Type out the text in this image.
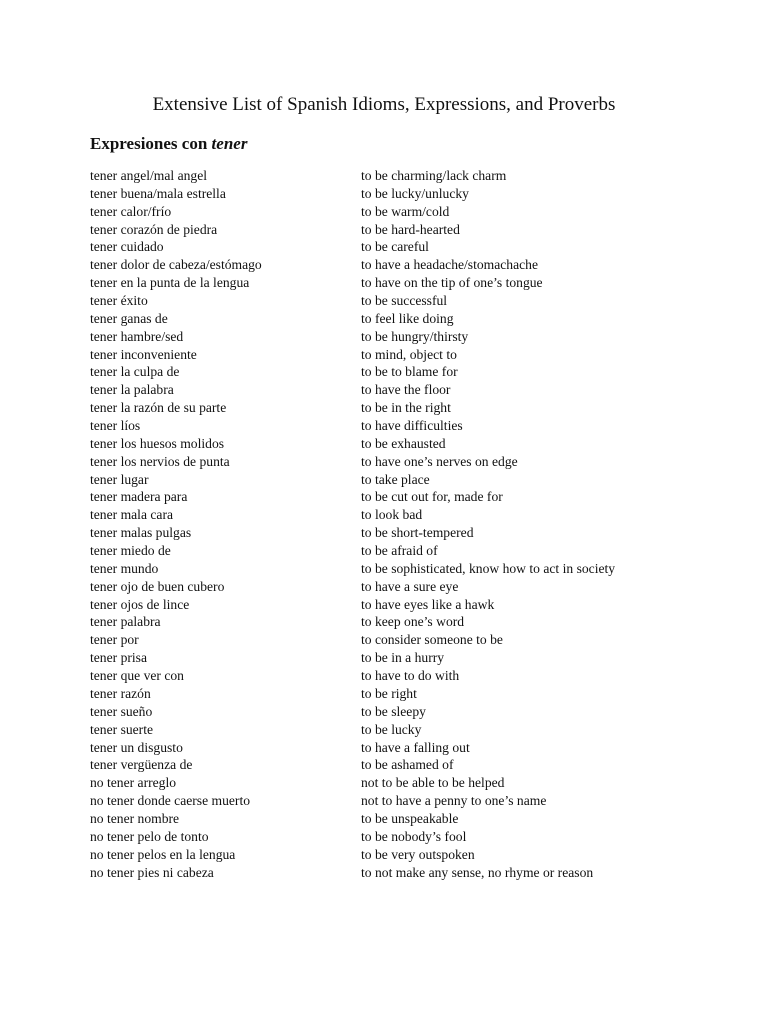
Extensive List of Spanish Idioms, Expressions, and Proverbs
Expresiones con tener
tener angel/mal angel	to be charming/lack charm
tener buena/mala estrella	to be lucky/unlucky
tener calor/frío	to be warm/cold
tener corazón de piedra	to be hard-hearted
tener cuidado	to be careful
tener dolor de cabeza/estómago	to have a headache/stomachache
tener en la punta de la lengua	to have on the tip of one’s tongue
tener éxito	to be successful
tener ganas de	to feel like doing
tener hambre/sed	to be hungry/thirsty
tener inconveniente	to mind, object to
tener la culpa de	to be to blame for
tener la palabra	to have the floor
tener la razón de su parte	to be in the right
tener líos	to have difficulties
tener los huesos molidos	to be exhausted
tener los nervios de punta	to have one’s nerves on edge
tener lugar	to take place
tener madera para	to be cut out for, made for
tener mala cara	to look bad
tener malas pulgas	to be short-tempered
tener miedo de	to be afraid of
tener mundo	to be sophisticated, know how to act in society
tener ojo de buen cubero	to have a sure eye
tener ojos de lince	to have eyes like a hawk
tener palabra	to keep one’s word
tener por	to consider someone to be
tener prisa	to be in a hurry
tener que ver con	to have to do with
tener razón	to be right
tener sueño	to be sleepy
tener suerte	to be lucky
tener un disgusto	to have a falling out
tener vergüenza de	to be ashamed of
no tener arreglo	not to be able to be helped
no tener donde caerse muerto	not to have a penny to one’s name
no tener nombre	to be unspeakable
no tener pelo de tonto	to be nobody’s fool
no tener pelos en la lengua	to be very outspoken
no tener pies ni cabeza	to not make any sense, no rhyme or reason
